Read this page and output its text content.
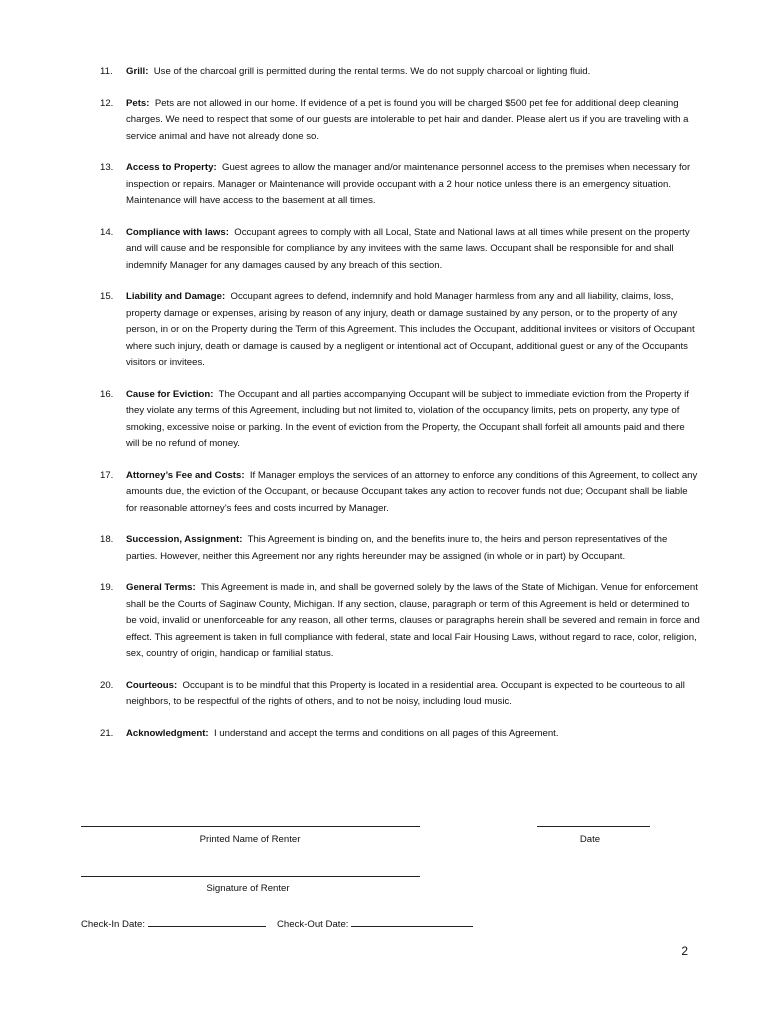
11.	Grill: Use of the charcoal grill is permitted during the rental terms. We do not supply charcoal or lighting fluid.
12.	Pets: Pets are not allowed in our home. If evidence of a pet is found you will be charged $500 pet fee for additional deep cleaning charges. We need to respect that some of our guests are intolerable to pet hair and dander. Please alert us if you are traveling with a service animal and have not already done so.
13.	Access to Property: Guest agrees to allow the manager and/or maintenance personnel access to the premises when necessary for inspection or repairs. Manager or Maintenance will provide occupant with a 2 hour notice unless there is an emergency situation. Maintenance will have access to the basement at all times.
14.	Compliance with laws: Occupant agrees to comply with all Local, State and National laws at all times while present on the property and will cause and be responsible for compliance by any invitees with the same laws. Occupant shall be responsible for and shall indemnify Manager for any damages caused by any breach of this section.
15.	Liability and Damage: Occupant agrees to defend, indemnify and hold Manager harmless from any and all liability, claims, loss, property damage or expenses, arising by reason of any injury, death or damage sustained by any person, or to the property of any person, in or on the Property during the Term of this Agreement. This includes the Occupant, additional invitees or visitors of Occupant where such injury, death or damage is caused by a negligent or intentional act of Occupant, additional guest or any of the Occupants visitors or invitees.
16.	Cause for Eviction: The Occupant and all parties accompanying Occupant will be subject to immediate eviction from the Property if they violate any terms of this Agreement, including but not limited to, violation of the occupancy limits, pets on property, any type of smoking, excessive noise or parking. In the event of eviction from the Property, the Occupant shall forfeit all amounts paid and there will be no refund of money.
17.	Attorney’s Fee and Costs: If Manager employs the services of an attorney to enforce any conditions of this Agreement, to collect any amounts due, the eviction of the Occupant, or because Occupant takes any action to recover funds not due; Occupant shall be liable for reasonable attorney’s fees and costs incurred by Manager.
18.	Succession, Assignment: This Agreement is binding on, and the benefits inure to, the heirs and person representatives of the parties. However, neither this Agreement nor any rights hereunder may be assigned (in whole or in part) by Occupant.
19.	General Terms: This Agreement is made in, and shall be governed solely by the laws of the State of Michigan. Venue for enforcement shall be the Courts of Saginaw County, Michigan. If any section, clause, paragraph or term of this Agreement is held or determined to be void, invalid or unenforceable for any reason, all other terms, clauses or paragraphs herein shall be severed and remain in force and effect. This agreement is taken in full compliance with federal, state and local Fair Housing Laws, without regard to race, color, religion, sex, country of origin, handicap or familial status.
20.	Courteous: Occupant is to be mindful that this Property is located in a residential area. Occupant is expected to be courteous to all neighbors, to be respectful of the rights of others, and to not be noisy, including loud music.
21.	Acknowledgment: I understand and accept the terms and conditions on all pages of this Agreement.
Printed Name of Renter	Date
Signature of Renter
Check-In Date:	Check-Out Date:
2
